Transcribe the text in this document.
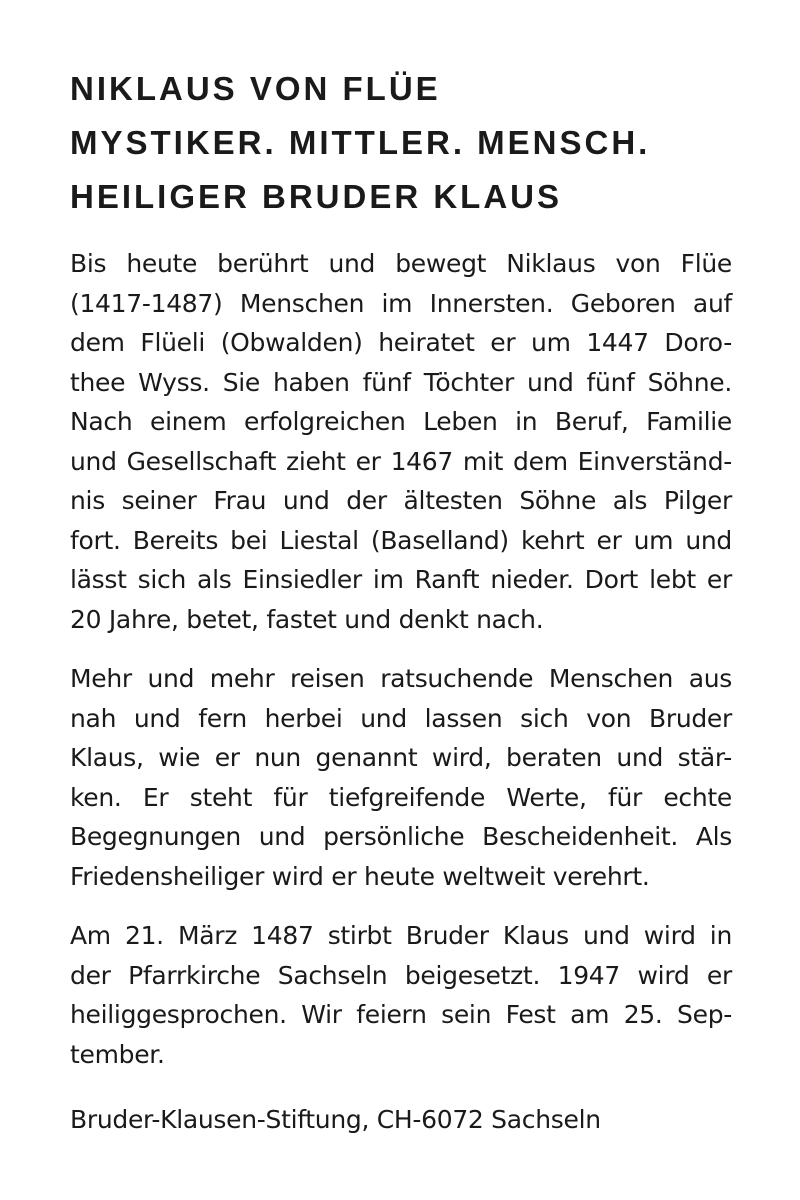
NIKLAUS VON FLÜE
MYSTIKER. MITTLER. MENSCH.
HEILIGER BRUDER KLAUS

Bis heute berührt und bewegt Niklaus von Flüe
(1417-1487) Menschen im Innersten. Geboren auf
dem Flüeli (Obwalden) heiratet er um 1447 Doro-
thee Wyss. Sie haben fünf Töchter und fünf Söhne.
Nach einem erfolgreichen Leben in Beruf, Familie
und Gesellschaft zieht er 1467 mit dem Einverständ-
nis seiner Frau und der ältesten Söhne als Pilger
fort. Bereits bei Liestal (Baselland) kehrt er um und
lässt sich als Einsiedler im Ranft nieder. Dort lebt er
20 Jahre, betet, fastet und denkt nach.

Mehr und mehr reisen ratsuchende Menschen aus
nah und fern herbei und lassen sich von Bruder
Klaus, wie er nun genannt wird, beraten und stär-
ken. Er steht für tiefgreifende Werte, für echte
Begegnungen und persönliche Bescheidenheit. Als
Friedensheiliger wird er heute weltweit verehrt.

Am 21. März 1487 stirbt Bruder Klaus und wird in
der Pfarrkirche Sachseln beigesetzt. 1947 wird er
heiliggesprochen. Wir feiern sein Fest am 25. Sep-
tember.

Bruder-Klausen-Stiftung, CH-6072 Sachseln
